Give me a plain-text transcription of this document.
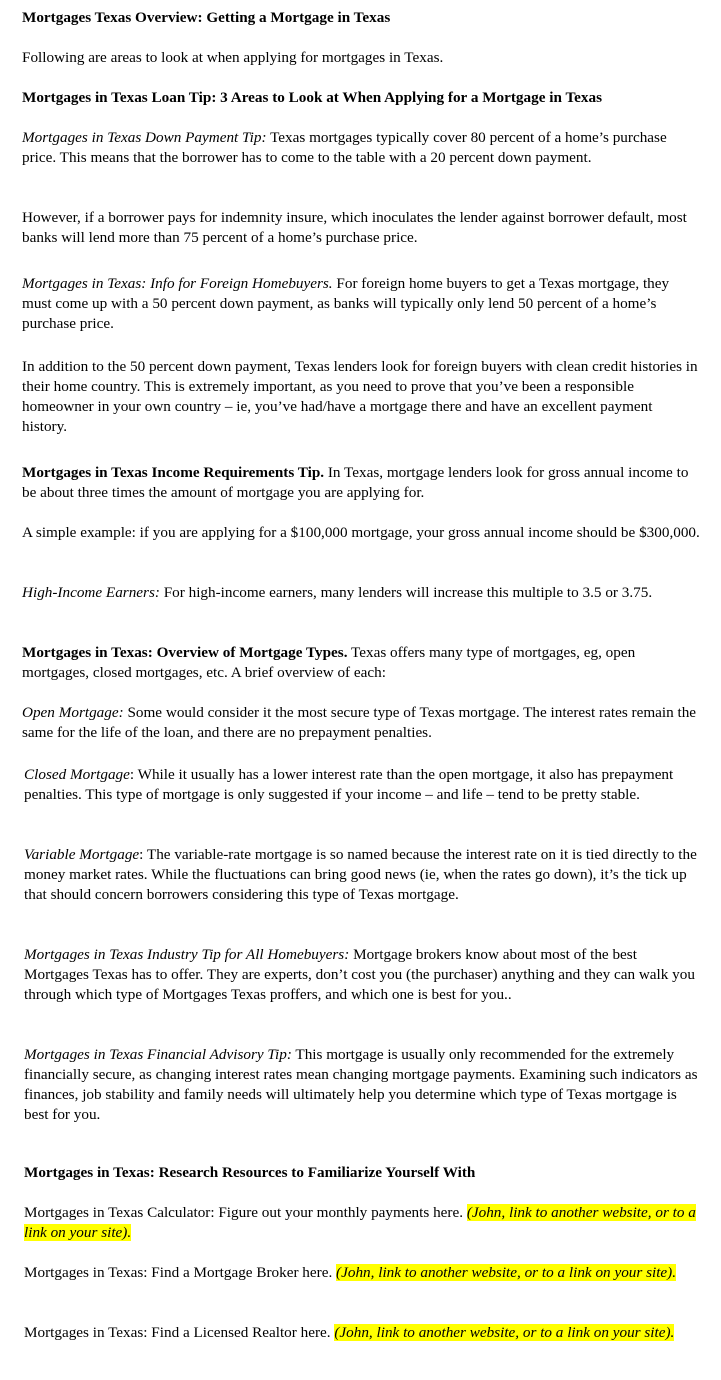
Mortgages Texas Overview: Getting a Mortgage in Texas

Following are areas to look at when applying for mortgages in Texas.

Mortgages in Texas Loan Tip: 3 Areas to Look at When Applying for a Mortgage in Texas

Mortgages in Texas Down Payment Tip: Texas mortgages typically cover 80 percent of a home’s purchase price. This means that the borrower has to come to the table with a 20 percent down payment.

However, if a borrower pays for indemnity insure, which inoculates the lender against borrower default, most banks will lend more than 75 percent of a home’s purchase price.

Mortgages in Texas: Info for Foreign Homebuyers. For foreign home buyers to get a Texas mortgage, they must come up with a 50 percent down payment, as banks will typically only lend 50 percent of a home’s purchase price.

In addition to the 50 percent down payment, Texas lenders look for foreign buyers with clean credit histories in their home country. This is extremely important, as you need to prove that you’ve been a responsible homeowner in your own country – ie, you’ve had/have a mortgage there and have an excellent payment history.

Mortgages in Texas Income Requirements Tip. In Texas, mortgage lenders look for gross annual income to be about three times the amount of mortgage you are applying for.

A simple example: if you are applying for a $100,000 mortgage, your gross annual income should be $300,000.

High-Income Earners: For high-income earners, many lenders will increase this multiple to 3.5 or 3.75.

Mortgages in Texas: Overview of Mortgage Types. Texas offers many type of mortgages, eg, open mortgages, closed mortgages, etc. A brief overview of each:

Open Mortgage: Some would consider it the most secure type of Texas mortgage. The interest rates remain the same for the life of the loan, and there are no prepayment penalties.

Closed Mortgage: While it usually has a lower interest rate than the open mortgage, it also has prepayment penalties. This type of mortgage is only suggested if your income – and life – tend to be pretty stable.

Variable Mortgage: The variable-rate mortgage is so named because the interest rate on it is tied directly to the money market rates. While the fluctuations can bring good news (ie, when the rates go down), it’s the tick up that should concern borrowers considering this type of Texas mortgage.

Mortgages in Texas Industry Tip for All Homebuyers: Mortgage brokers know about most of the best Mortgages Texas has to offer. They are experts, don’t cost you (the purchaser) anything and they can walk you through which type of Mortgages Texas proffers, and which one is best for you..

Mortgages in Texas Financial Advisory Tip: This mortgage is usually only recommended for the extremely financially secure, as changing interest rates mean changing mortgage payments. Examining such indicators as finances, job stability and family needs will ultimately help you determine which type of Texas mortgage is best for you.

Mortgages in Texas: Research Resources to Familiarize Yourself With

Mortgages in Texas Calculator: Figure out your monthly payments here. (John, link to another website, or to a link on your site).

Mortgages in Texas: Find a Mortgage Broker here. (John, link to another website, or to a link on your site).

Mortgages in Texas: Find a Licensed Realtor here. (John, link to another website, or to a link on your site).
